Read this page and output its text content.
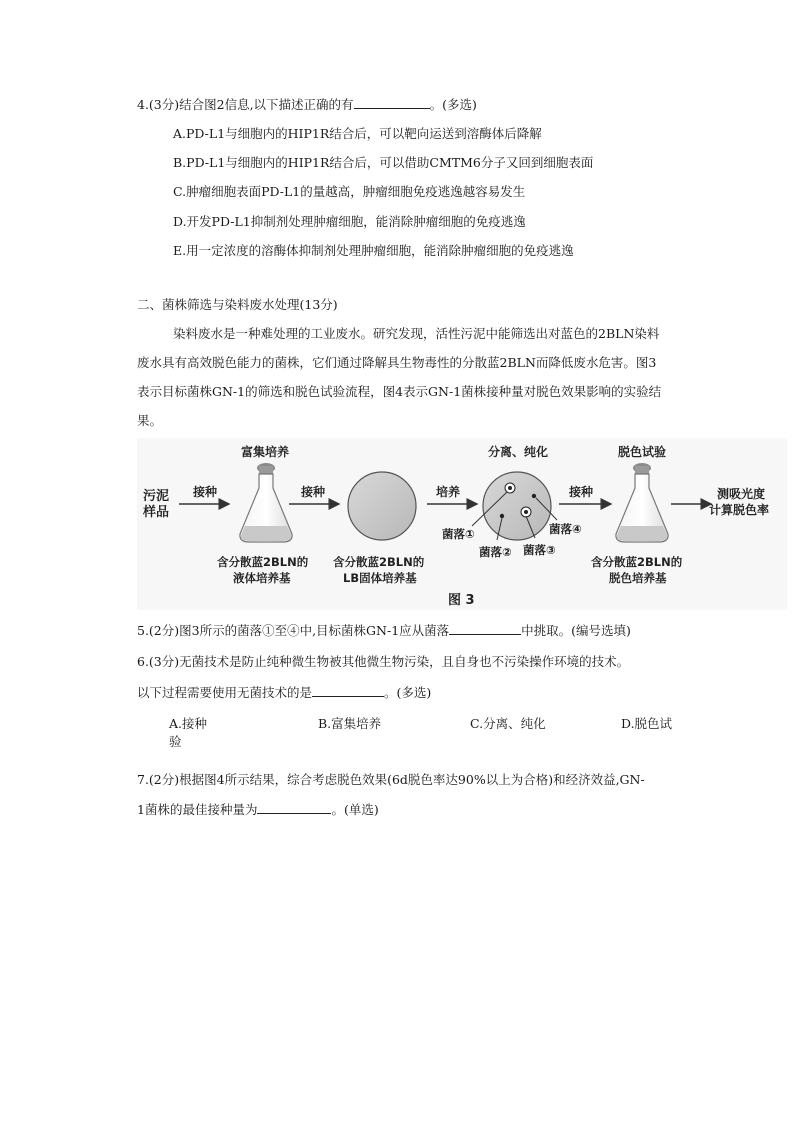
4.(3分)结合图2信息,以下描述正确的有	。(多选)
A.PD-L1与细胞内的HIP1R结合后，可以靶向运送到溶酶体后降解
B.PD-L1与细胞内的HIP1R结合后，可以借助CMTM6分子又回到细胞表面
C.肿瘤细胞表面PD-L1的量越高，肿瘤细胞免疫逃逸越容易发生
D.开发PD-L1抑制剂处理肿瘤细胞，能消除肿瘤细胞的免疫逃逸
E.用一定浓度的溶酶体抑制剂处理肿瘤细胞，能消除肿瘤细胞的免疫逃逸
二、菌株筛选与染料废水处理(13分)
染料废水是一种难处理的工业废水。研究发现，活性污泥中能筛选出对蓝色的2BLN染料
废水具有高效脱色能力的菌株，它们通过降解具生物毒性的分散蓝2BLN而降低废水危害。图3
表示目标菌株GN-1的筛选和脱色试验流程，图4表示GN-1菌株接种量对脱色效果影响的实验结
果。
污泥
样品
接种
富集培养
含分散蓝2BLN的
液体培养基
接种
含分散蓝2BLN的
LB固体培养基
培养
分离、纯化
菌落①
菌落② 菌落③
菌落④
接种
脱色试验
含分散蓝2BLN的
脱色培养基
测吸光度
计算脱色率
图 3
5.(2分)图3所示的菌落①至④中,目标菌株GN-1应从菌落	中挑取。(编号选填)
6.(3分)无菌技术是防止纯种微生物被其他微生物污染，且自身也不污染操作环境的技术。
以下过程需要使用无菌技术的是	。(多选)
A.接种	B.富集培养	C.分离、纯化	D.脱色试
验
7.(2分)根据图4所示结果，综合考虑脱色效果(6d脱色率达90%以上为合格)和经济效益,GN-
1菌株的最佳接种量为	。(单选)
